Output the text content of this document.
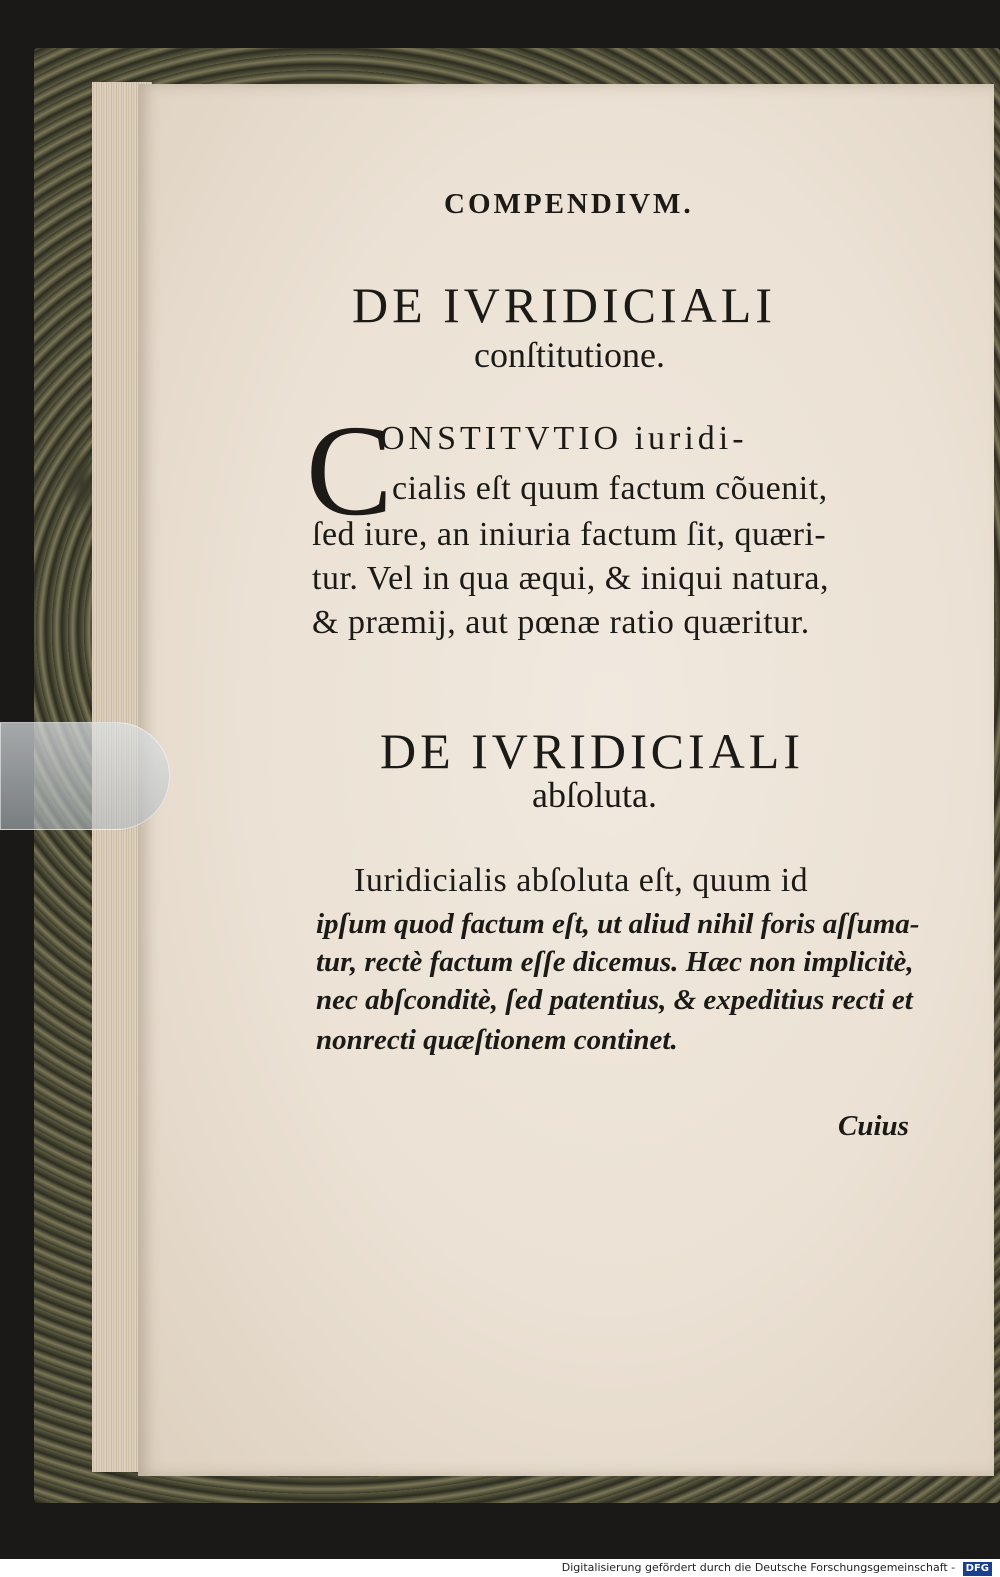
COMPENDIVM.
DE IVRIDICIALI
conſtitutione.
C
ONSTITVTIO iuridi-
cialis eſt quum factum cõuenit,
ſed iure, an iniuria factum ſit, quæri-
tur. Vel in qua æqui, & iniqui natura,
& præmij, aut pœnæ ratio quæritur.
DE IVRIDICIALI
abſoluta.
Iuridicialis abſoluta eſt, quum id
ipſum quod factum eſt, ut aliud nihil foris aſſuma-
tur, rectè factum eſſe dicemus. Hæc non implicitè,
nec abſconditè, ſed patentius, & expeditius recti et
nonrecti quæſtionem continet.
Cuius
Digitalisierung gefördert durch die Deutsche Forschungsgemeinschaft - DFG
